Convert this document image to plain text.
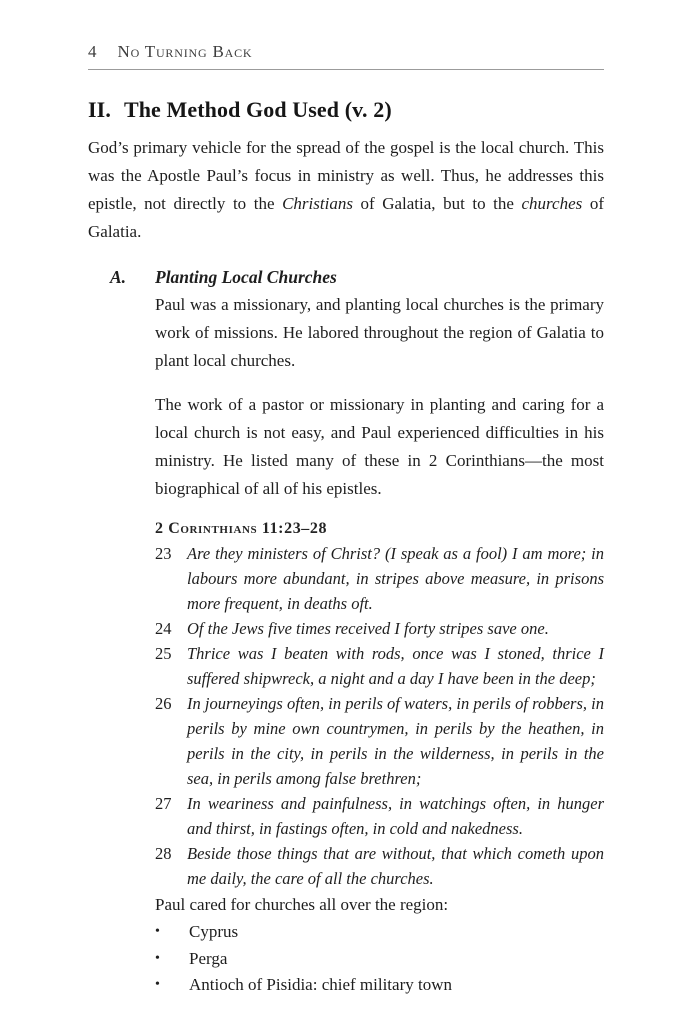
4 No Turning Back
II. The Method God Used (v. 2)

God’s primary vehicle for the spread of the gospel is the local church. This was the Apostle Paul’s focus in ministry as well. Thus, he addresses this epistle, not directly to the Christians of Galatia, but to the churches of Galatia.

A.	Planting Local Churches

Paul was a missionary, and planting local churches is the primary work of missions. He labored throughout the region of Galatia to plant local churches.

The work of a pastor or missionary in planting and caring for a local church is not easy, and Paul experienced difficulties in his ministry. He listed many of these in 2 Corinthians—the most biographical of all of his epistles.

2 Corinthians 11:23–28
23 Are they ministers of Christ? (I speak as a fool) I am more; in labours more abundant, in stripes above measure, in prisons more frequent, in deaths oft.
24 Of the Jews five times received I forty stripes save one.
25 Thrice was I beaten with rods, once was I stoned, thrice I suffered shipwreck, a night and a day I have been in the deep;
26 In journeyings often, in perils of waters, in perils of robbers, in perils by mine own countrymen, in perils by the heathen, in perils in the city, in perils in the wilderness, in perils in the sea, in perils among false brethren;
27 In weariness and painfulness, in watchings often, in hunger and thirst, in fastings often, in cold and nakedness.
28 Beside those things that are without, that which cometh upon me daily, the care of all the churches.

Paul cared for churches all over the region:

•	Cyprus
•	Perga
•	Antioch of Pisidia: chief military town
